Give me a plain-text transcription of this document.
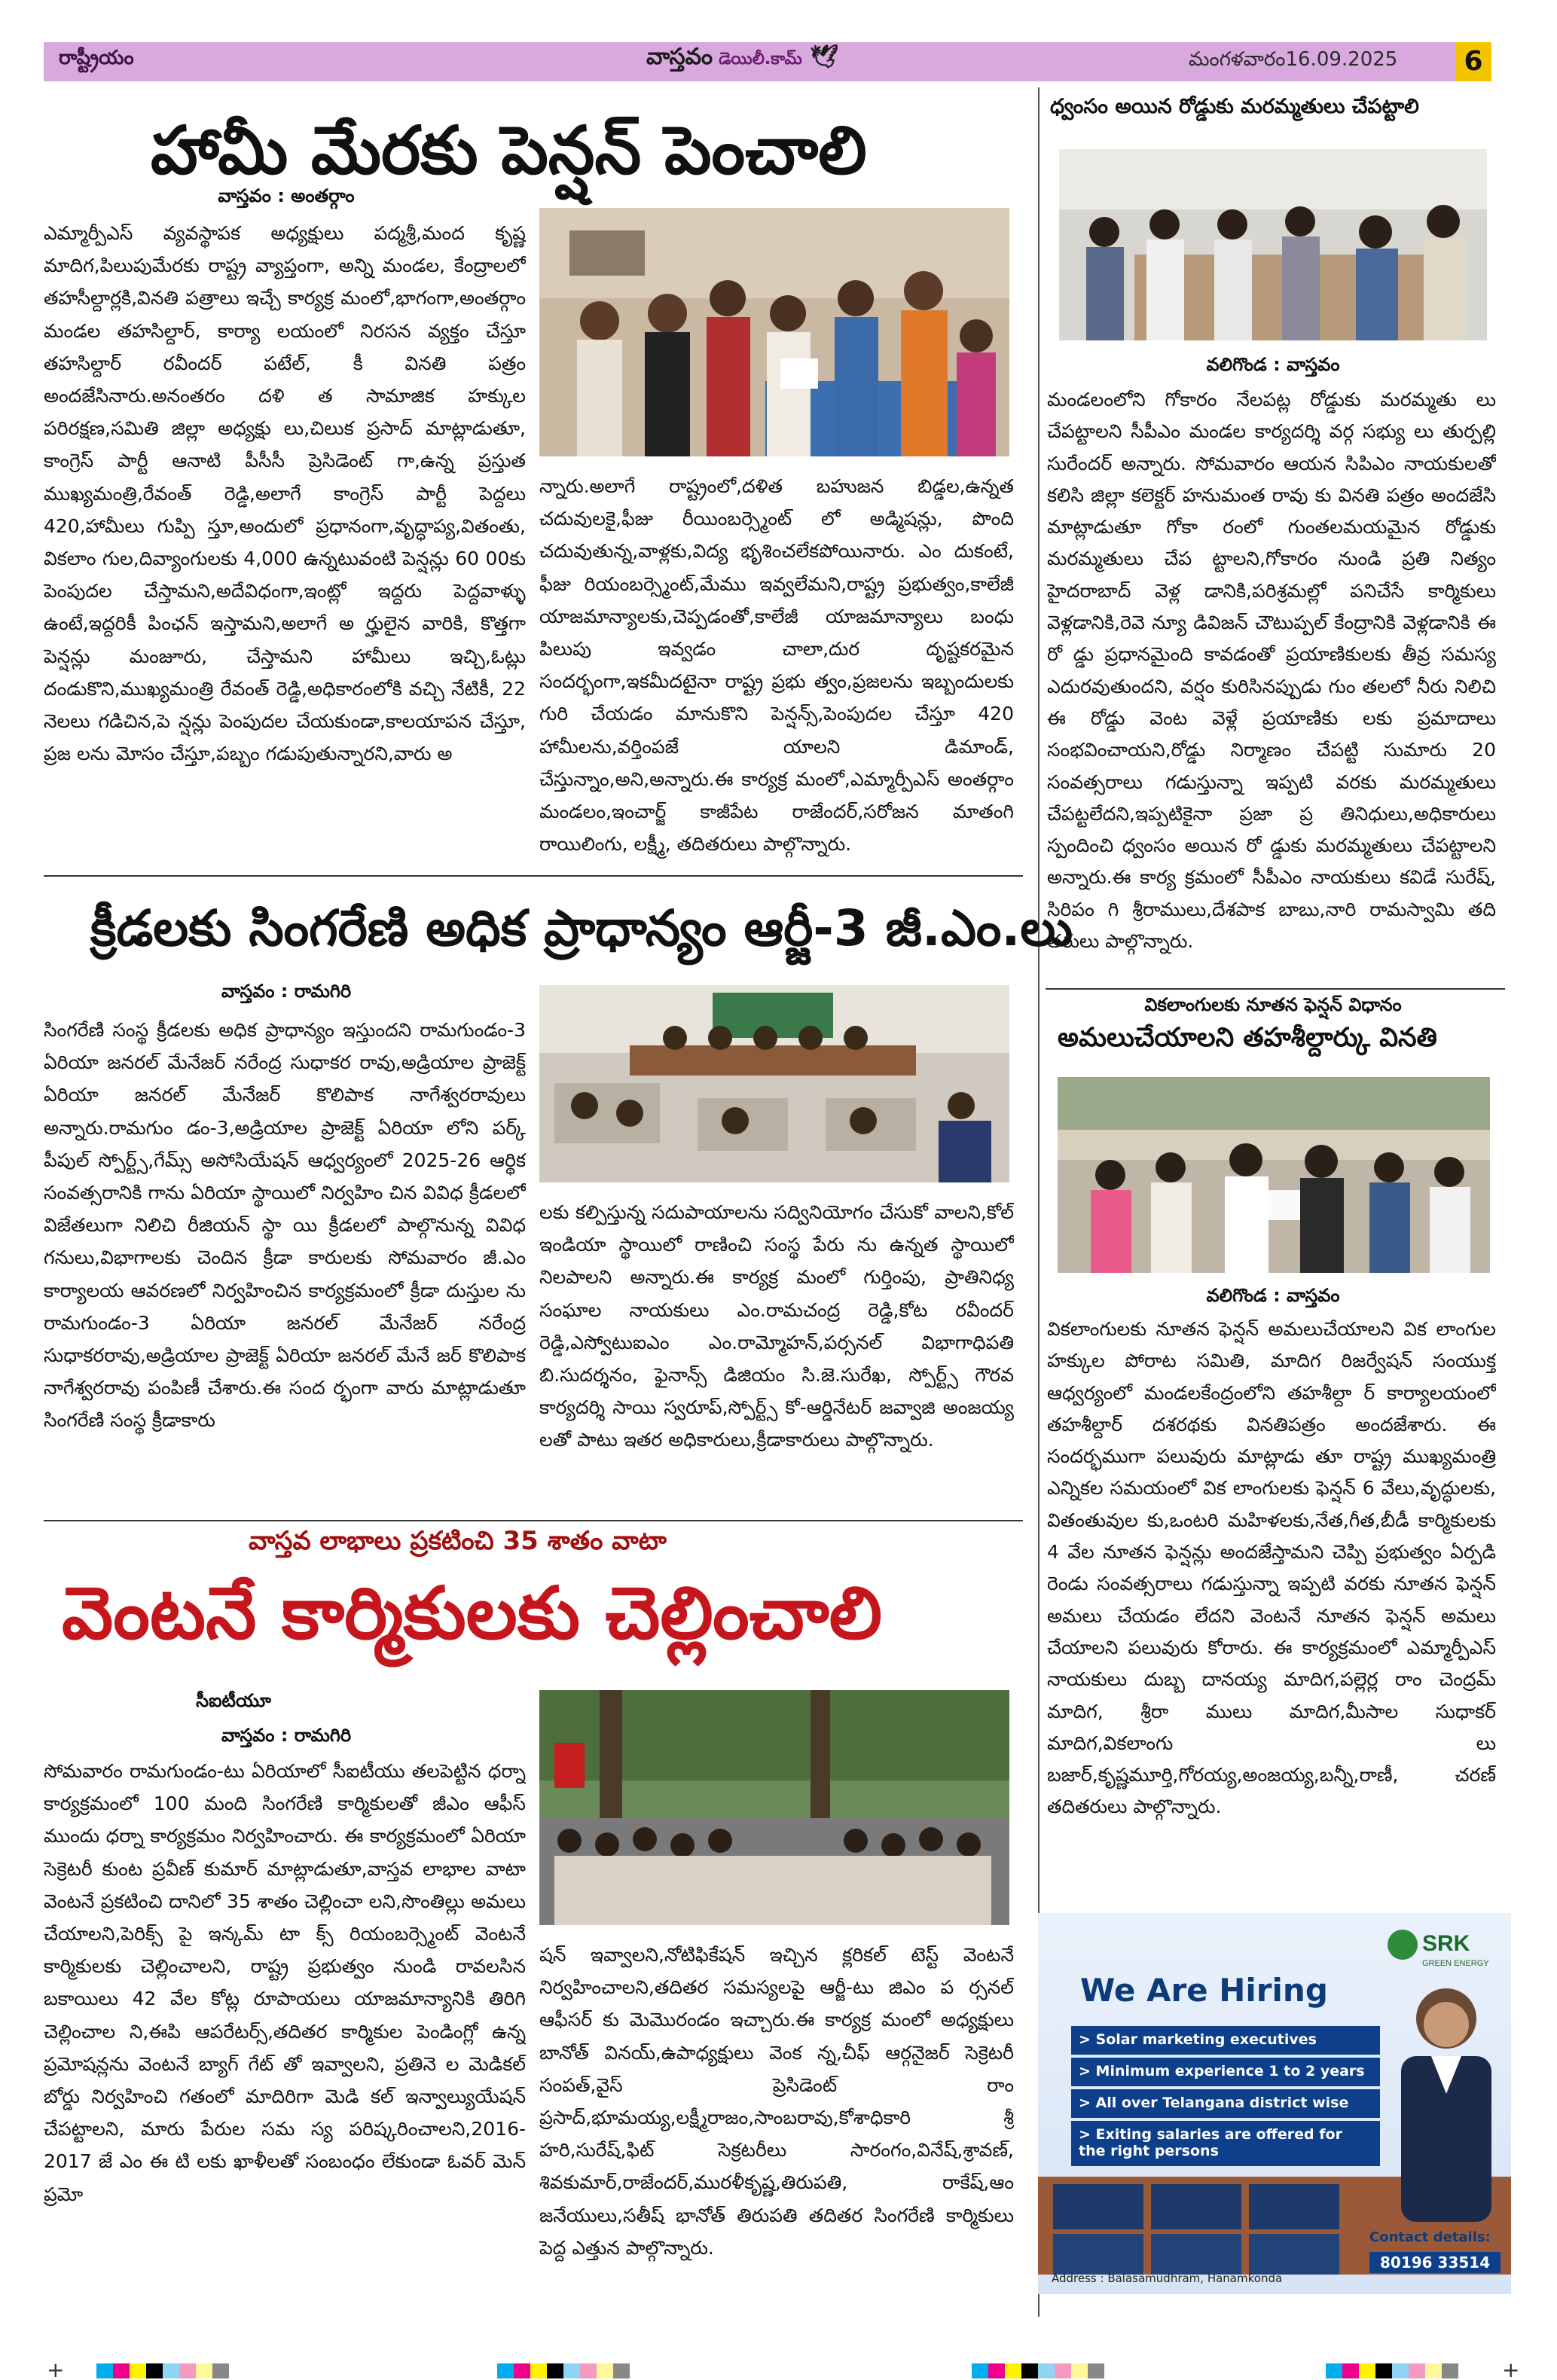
రాష్ట్రీయం	వాస్తవం డెయిలీ.కామ్ 🕊	మంగళవారం16.09.2025	6
హామీ మేరకు పెన్షన్ పెంచాలి
వాస్తవం : అంతర్గాం
ఎమ్మార్పీఎస్ వ్యవస్థాపక అధ్యక్షులు పద్మశ్రీ,మంద కృష్ణ మాదిగ,పిలుపుమేరకు రాష్ట్ర వ్యాప్తంగా, అన్ని మండల, కేంద్రాలలో తహసీల్దార్లకి,వినతి పత్రాలు ఇచ్చే కార్యక్ర మంలో,భాగంగా,అంతర్గాం మండల తహసిల్దార్, కార్యా లయంలో నిరసన వ్యక్తం చేస్తూ తహసిల్దార్ రవీందర్ పటేల్, కీ వినతి పత్రం అందజేసినారు.అనంతరం దళి త సామాజిక హక్కుల పరిరక్షణ,సమితి జిల్లా అధ్యక్షు లు,చిలుక ప్రసాద్ మాట్లాడుతూ, కాంగ్రెస్ పార్టీ ఆనాటి పీసీసీ ప్రెసిడెంట్ గా,ఉన్న ప్రస్తుత ముఖ్యమంత్రి,రేవంత్ రెడ్డి,అలాగే కాంగ్రెస్ పార్టీ పెద్దలు 420,హామీలు గుప్పి స్తూ,అందులో ప్రధానంగా,వృద్ధాప్య,వితంతు, వికలాం గుల,దివ్యాంగులకు 4,000 ఉన్నటువంటి పెన్షన్లు 60 00కు పెంపుదల చేస్తామని,అదేవిధంగా,ఇంట్లో ఇద్దరు పెద్దవాళ్ళు ఉంటే,ఇద్దరికీ పింఛన్ ఇస్తామని,అలాగే అ ర్హులైన వారికి, కొత్తగా పెన్షన్లు మంజూరు, చేస్తామని హామీలు ఇచ్చి,ఓట్లు దండుకొని,ముఖ్యమంత్రి రేవంత్ రెడ్డి,అధికారంలోకి వచ్చి నేటికీ, 22 నెలలు గడిచిన,పె న్షన్లు పెంపుదల చేయకుండా,కాలయాపన చేస్తూ, ప్రజ లను మోసం చేస్తూ,పబ్బం గడుపుతున్నారని,వారు అ
న్నారు.అలాగే రాష్ట్రంలో,దళిత బహుజన బిడ్డల,ఉన్నత చదువులకై,ఫీజు రీయింబర్స్మెంట్ లో అడ్మిషన్లు, పొంది చదువుతున్న,వాళ్లకు,విద్య భృశించలేకపోయినారు. ఎం దుకంటే, ఫీజు రియంబర్స్మెంట్,మేము ఇవ్వలేమని,రాష్ట్ర ప్రభుత్వం,కాలేజీ యాజమాన్యాలకు,చెప్పడంతో,కాలేజీ యాజమాన్యాలు బంధు పిలుపు ఇవ్వడం చాలా,దుర దృష్టకరమైన సందర్భంగా,ఇకమీదటైనా రాష్ట్ర ప్రభు త్వం,ప్రజలను ఇబ్బందులకు గురి చేయడం మానుకొని పెన్షన్స్,పెంపుదల చేస్తూ 420 హామీలను,వర్తింపజే యాలని డిమాండ్, చేస్తున్నాం,అని,అన్నారు.ఈ కార్యక్ర మంలో,ఎమ్మార్పీఎస్ అంతర్గాం మండలం,ఇంచార్జ్ కాజీపేట రాజేందర్,సరోజన మాతంగి రాయిలింగు, లక్ష్మీ, తదితరులు పాల్గొన్నారు.
క్రీడలకు సింగరేణి అధిక ప్రాధాన్యం ఆర్జీ-3 జీ.ఎం.లు
వాస్తవం : రామగిరి
సింగరేణి సంస్థ క్రీడలకు అధిక ప్రాధాన్యం ఇస్తుందని రామగుండం-3 ఏరియా జనరల్ మేనేజర్ నరేంద్ర సుధాకర రావు,అడ్రియాల ప్రాజెక్ట్ ఏరియా జనరల్ మేనేజర్ కొలిపాక నాగేశ్వరరావులు అన్నారు.రామగుం డం-3,అడ్రియాల ప్రాజెక్ట్ ఏరియా లోని పర్క్ పీపుల్ స్పోర్ట్స్,గేమ్స్ అసోసియేషన్ ఆధ్వర్యంలో 2025-26 ఆర్థిక సంవత్సరానికి గాను ఏరియా స్థాయిలో నిర్వహిం చిన వివిధ క్రీడలలో విజేతలుగా నిలిచి రీజియన్ స్థా యి క్రీడలలో పాల్గొనున్న వివిధ గనులు,విభాగాలకు చెందిన క్రీడా కారులకు సోమవారం జీ.ఎం కార్యాలయ ఆవరణలో నిర్వహించిన కార్యక్రమంలో క్రీడా దుస్తుల ను రామగుండం-3 ఏరియా జనరల్ మేనేజర్ నరేంద్ర సుధాకరరావు,అడ్రియాల ప్రాజెక్ట్ ఏరియా జనరల్ మేనే జర్ కొలిపాక నాగేశ్వరరావు పంపిణీ చేశారు.ఈ సంద ర్భంగా వారు మాట్లాడుతూ సింగరేణి సంస్థ క్రీడాకారు
లకు కల్పిస్తున్న సదుపాయాలను సద్వినియోగం చేసుకో వాలని,కోల్ ఇండియా స్థాయిలో రాణించి సంస్థ పేరు ను ఉన్నత స్థాయిలో నిలపాలని అన్నారు.ఈ కార్యక్ర మంలో గుర్తింపు, ప్రాతినిధ్య సంఘాల నాయకులు ఎం.రామచంద్ర రెడ్డి,కోట రవీందర్ రెడ్డి,ఎస్వోటుఐఎం ఎం.రామ్మోహన్,పర్సనల్ విభాగాధిపతి బి.సుదర్శనం, ఫైనాన్స్ డిజియం సి.జె.సురేఖ, స్పోర్ట్స్ గౌరవ కార్యదర్శి సాయి స్వరూప్,స్పోర్ట్స్ కో-ఆర్డినేటర్ జవ్వాజి అంజయ్య లతో పాటు ఇతర అధికారులు,క్రీడాకారులు పాల్గొన్నారు.
వాస్తవ లాభాలు ప్రకటించి 35 శాతం వాటా
వెంటనే కార్మికులకు చెల్లించాలి
సీఐటీయూ
వాస్తవం : రామగిరి
సోమవారం రామగుండం-టు ఏరియాలో సీఐటీయు తలపెట్టిన ధర్నా కార్యక్రమంలో 100 మంది సింగరేణి కార్మికులతో జీఎం ఆఫీస్ ముందు ధర్నా కార్యక్రమం నిర్వహించారు. ఈ కార్యక్రమంలో ఏరియా సెక్రెటరీ కుంట ప్రవీణ్ కుమార్ మాట్లాడుతూ,వాస్తవ లాభాల వాటా వెంటనే ప్రకటించి దానిలో 35 శాతం చెల్లించా లని,సొంతిల్లు అమలు చేయాలని,పెరిక్స్ పై ఇన్కమ్ టా క్స్ రియంబర్స్మెంట్ వెంటనే కార్మికులకు చెల్లించాలని, రాష్ట్ర ప్రభుత్వం నుండి రావలసిన బకాయిలు 42 వేల కోట్ల రూపాయలు యాజమాన్యానికి తిరిగి చెల్లించాల ని,ఈపి ఆపరేటర్స్,తదితర కార్మికుల పెండింగ్లో ఉన్న ప్రమోషన్లను వెంటనే బ్యాగ్ గేట్ తో ఇవ్వాలని, ప్రతినె ల మెడికల్ బోర్డు నిర్వహించి గతంలో మాదిరిగా మెడి కల్ ఇన్వాల్యుయేషన్ చేపట్టాలని, మారు పేరుల సమ స్య పరిష్కరించాలని,2016- 2017 జే ఎం ఈ టి లకు ఖాళీలతో సంబంధం లేకుండా ఓవర్ మెన్ ప్రమో
షన్ ఇవ్వాలని,నోటిఫికేషన్ ఇచ్చిన క్లరికల్ టెస్ట్ వెంటనే నిర్వహించాలని,తదితర సమస్యలపై ఆర్జీ-టు జిఎం ప ర్సనల్ ఆఫీసర్ కు మెమొరండం ఇచ్చారు.ఈ కార్యక్ర మంలో అధ్యక్షులు బానోత్ వినయ్,ఉపాధ్యక్షులు వెంక న్న,చీఫ్ ఆర్గనైజర్ సెక్రెటరీ సంపత్,వైస్ ప్రెసిడెంట్ రాం ప్రసాద్,భూమయ్య,లక్ష్మీరాజం,సాంబరావు,కోశాధికారి శ్రీ హరి,సురేష్,ఫిట్ సెక్రటరీలు సారంగం,వినేష్,శ్రావణ్, శివకుమార్,రాజేందర్,మురళీకృష్ణ,తిరుపతి, రాకేష్,ఆం జనేయులు,సతీష్ భానోత్ తిరుపతి తదితర సింగరేణి కార్మికులు పెద్ద ఎత్తున పాల్గొన్నారు.
ధ్వంసం అయిన రోడ్డుకు మరమ్మతులు చేపట్టాలి
వలిగొండ : వాస్తవం
మండలంలోని గోకారం నేలపట్ల రోడ్డుకు మరమ్మతు లు చేపట్టాలని సీపీఎం మండల కార్యదర్శి వర్గ సభ్యు లు తుర్పల్లి సురేందర్ అన్నారు. సోమవారం ఆయన సిపిఎం నాయకులతో కలిసి జిల్లా కలెక్టర్ హనుమంత రావు కు వినతి పత్రం అందజేసి మాట్లాడుతూ గోకా రంలో గుంతలమయమైన రోడ్డుకు మరమ్మతులు చేప ట్టాలని,గోకారం నుండి ప్రతి నిత్యం హైదరాబాద్ వెళ్ల డానికి,పరిశ్రమల్లో పనిచేసే కార్మికులు వెళ్లడానికి,రెవె న్యూ డివిజన్ చౌటుప్పల్ కేంద్రానికి వెళ్లడానికి ఈ రో డ్డు ప్రధానమైంది కావడంతో ప్రయాణికులకు తీవ్ర సమస్య ఎదురవుతుందని, వర్షం కురిసినప్పుడు గుం తలలో నీరు నిలిచి ఈ రోడ్డు వెంట వెళ్లే ప్రయాణికు లకు ప్రమాదాలు సంభవించాయని,రోడ్డు నిర్మాణం చేపట్టి సుమారు 20 సంవత్సరాలు గడుస్తున్నా ఇప్పటి వరకు మరమ్మతులు చేపట్టలేదని,ఇప్పటికైనా ప్రజా ప్ర తినిధులు,అధికారులు స్పందించి ధ్వంసం అయిన రో డ్డుకు మరమ్మతులు చేపట్టాలని అన్నారు.ఈ కార్య క్రమంలో సీపీఎం నాయకులు కవిడే సురేష్, సిరిపం గి శ్రీరాములు,దేశపాక బాబు,నారి రామస్వామి తది తరులు పాల్గొన్నారు.
వికలాంగులకు నూతన ఫెన్షన్ విధానం
అమలుచేయాలని తహశీల్దార్కు వినతి
వలిగొండ : వాస్తవం
వికలాంగులకు నూతన ఫెన్షన్ అమలుచేయాలని విక లాంగుల హక్కుల పోరాట సమితి, మాదిగ రిజర్వేషన్ సంయుక్త ఆధ్వర్యంలో మండలకేంద్రంలోని తహశీల్దా ర్ కార్యాలయంలో తహశీల్దార్ దశరథకు వినతిపత్రం అందజేశారు. ఈ సందర్భముగా పలువురు మాట్లాడు తూ రాష్ట్ర ముఖ్యమంత్రి ఎన్నికల సమయంలో విక లాంగులకు ఫెన్షన్ 6 వేలు,వృద్ధులకు, వితంతువుల కు,ఒంటరి మహిళలకు,నేత,గీత,బీడీ కార్మికులకు 4 వేల నూతన ఫెన్షన్లు అందజేస్తామని చెప్పి ప్రభుత్వం ఏర్పడి రెండు సంవత్సరాలు గడుస్తున్నా ఇప్పటి వరకు నూతన ఫెన్షన్ అమలు చేయడం లేదని వెంటనే నూతన ఫెన్షన్ అమలు చేయాలని పలువురు కోరారు. ఈ కార్యక్రమంలో ఎమ్మార్పీఎస్ నాయకులు దుబ్బ దానయ్య మాదిగ,పల్లెర్ల రాం చెంద్రమ్ మాదిగ, శ్రీరా ములు మాదిగ,మీసాల సుధాకర్ మాదిగ,వికలాంగు లు బజార్,కృష్ణమూర్తి,గోరయ్య,అంజయ్య,బన్నీ,రాణీ, చరణ్ తదితరులు పాల్గొన్నారు.
SRK
GREEN ENERGY
We Are Hiring
> Solar marketing executives
> Minimum experience 1 to 2 years
> All over Telangana district wise
> Exiting salaries are offered for the right persons
Contact details:
80196 33514
Address : Balasamudhram, Hanamkonda
+	+
